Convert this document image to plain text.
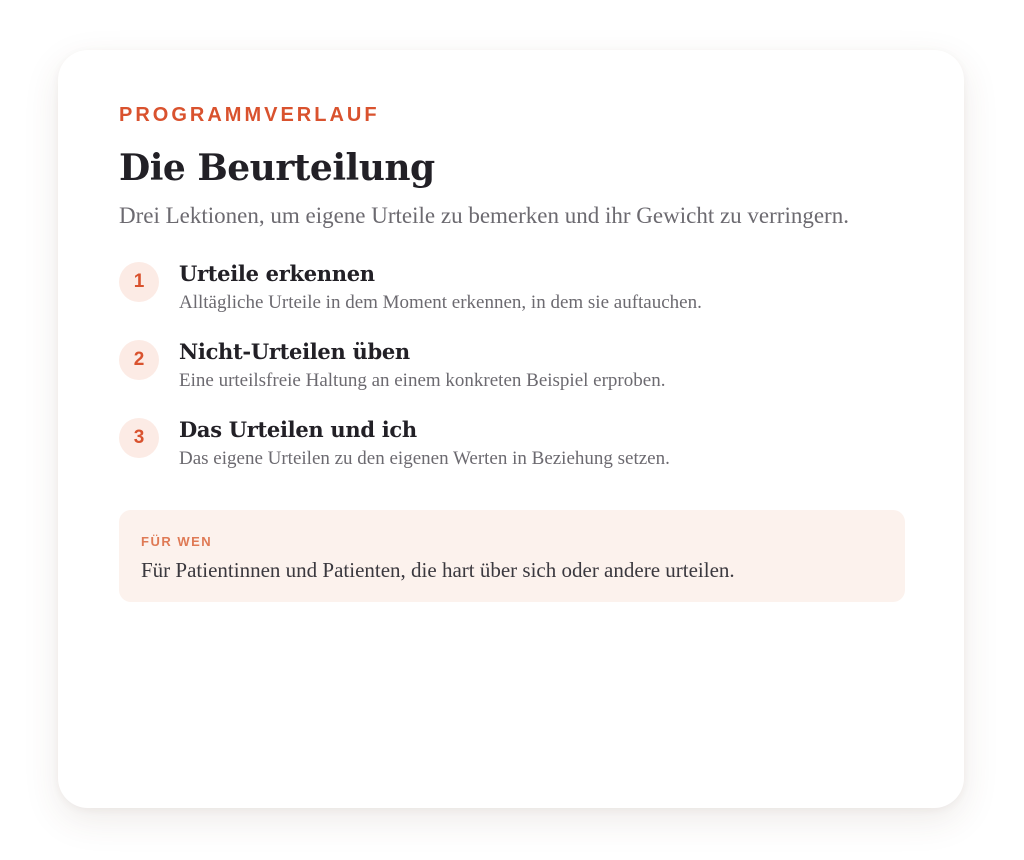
PROGRAMMVERLAUF
Die Beurteilung

Drei Lektionen, um eigene Urteile zu bemerken und ihr Gewicht zu verringern.

1	Urteile erkennen
Alltägliche Urteile in dem Moment erkennen, in dem sie auftauchen.
2	Nicht-Urteilen üben
Eine urteilsfreie Haltung an einem konkreten Beispiel erproben.
3	Das Urteilen und ich
Das eigene Urteilen zu den eigenen Werten in Beziehung setzen.
FÜR WEN
Für Patientinnen und Patienten, die hart über sich oder andere urteilen.
